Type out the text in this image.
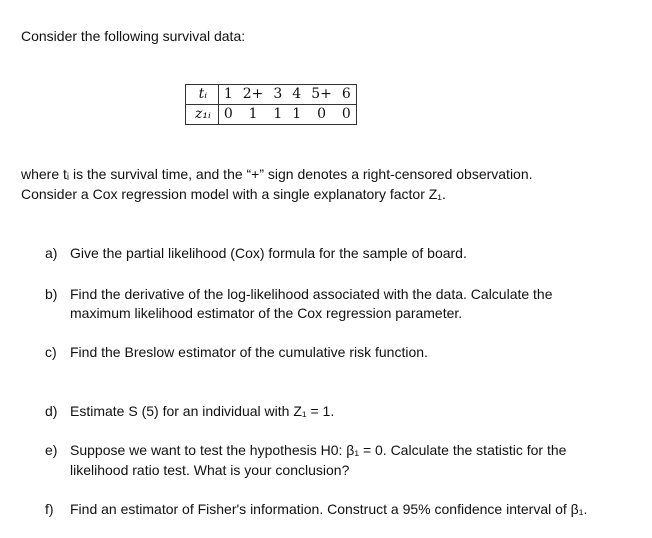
Consider the following survival data:
tᵢ	1	2+	3	4	5+	6
z₁ᵢ	0	1	1	1	0	0
where tᵢ is the survival time, and the “+” sign denotes a right-censored observation.
Consider a Cox regression model with a single explanatory factor Z₁.
a) Give the partial likelihood (Cox) formula for the sample of board.
b) Find the derivative of the log-likelihood associated with the data. Calculate the
maximum likelihood estimator of the Cox regression parameter.
c) Find the Breslow estimator of the cumulative risk function.
d) Estimate S (5) for an individual with Z₁ = 1.
e) Suppose we want to test the hypothesis H0: β₁ = 0. Calculate the statistic for the
likelihood ratio test. What is your conclusion?
f) Find an estimator of Fisher's information. Construct a 95% confidence interval of β₁.
